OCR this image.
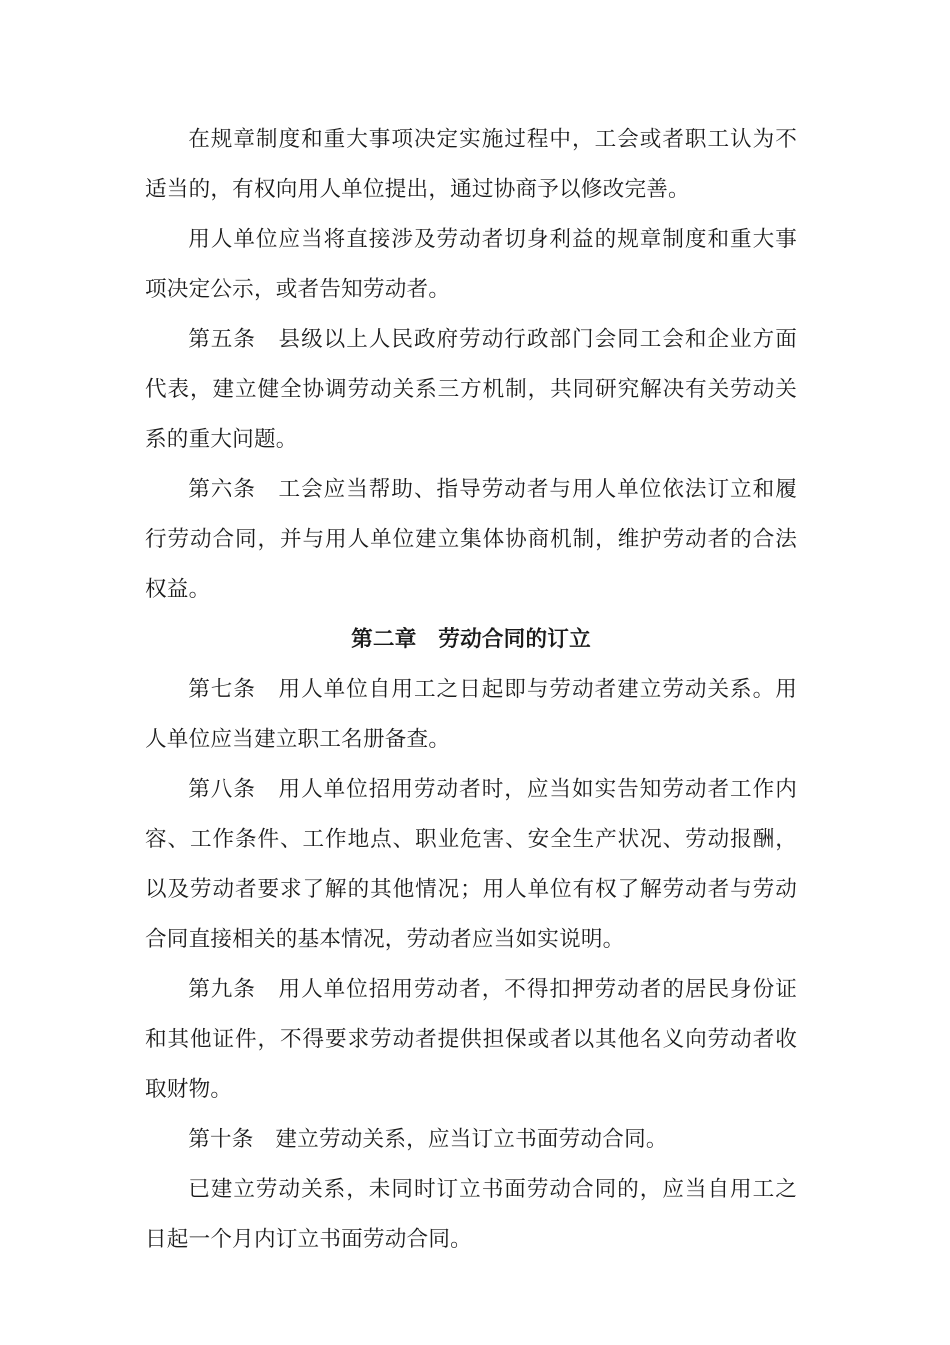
在规章制度和重大事项决定实施过程中，工会或者职工认为不适当的，有权向用人单位提出，通过协商予以修改完善。

用人单位应当将直接涉及劳动者切身利益的规章制度和重大事项决定公示，或者告知劳动者。

第五条　县级以上人民政府劳动行政部门会同工会和企业方面代表，建立健全协调劳动关系三方机制，共同研究解决有关劳动关系的重大问题。

第六条　工会应当帮助、指导劳动者与用人单位依法订立和履行劳动合同，并与用人单位建立集体协商机制，维护劳动者的合法权益。

第二章　劳动合同的订立

第七条　用人单位自用工之日起即与劳动者建立劳动关系。用人单位应当建立职工名册备查。

第八条　用人单位招用劳动者时，应当如实告知劳动者工作内容、工作条件、工作地点、职业危害、安全生产状况、劳动报酬，以及劳动者要求了解的其他情况；用人单位有权了解劳动者与劳动合同直接相关的基本情况，劳动者应当如实说明。

第九条　用人单位招用劳动者，不得扣押劳动者的居民身份证和其他证件，不得要求劳动者提供担保或者以其他名义向劳动者收取财物。

第十条　建立劳动关系，应当订立书面劳动合同。

已建立劳动关系，未同时订立书面劳动合同的，应当自用工之日起一个月内订立书面劳动合同。
